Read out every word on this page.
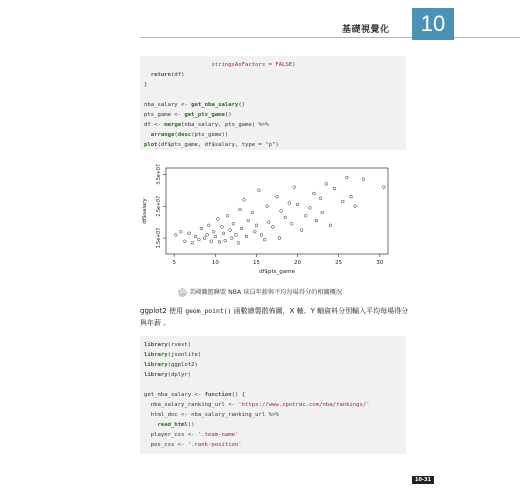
基礎視覺化	10
stringsAsFactors = FALSE)
return(df)
}
nba_salary <- get_nba_salary()
pts_game <- get_pts_game()
df <- merge(nba_salary, pts_game) %>%
arrange(desc(pts_game))
plot(df$pts_game, df$salary, type = "p")
5	10	15	20	25	30
1.5e+07
2.5e+07
3.5e+07
df$pts_game
df$salary
10 美國職籃聯盟 NBA 球員年薪與平均每場得分的相關概況
ggplot2 使用 geom_point() 函數繪製散佈圖，X 軸、Y 軸資料分別輸入平均每場得分與年薪 。
library(rvest)
library(jsonlite)
library(ggplot2)
library(dplyr)
get_nba_salary <- function() {
nba_salary_ranking_url <- 'https://www.spotrac.com/nba/rankings/'
html_doc <- nba_salary_ranking_url %>%
read_html()
player_css <- '.team-name'
pos_css <- '.rank-position'
10-31
